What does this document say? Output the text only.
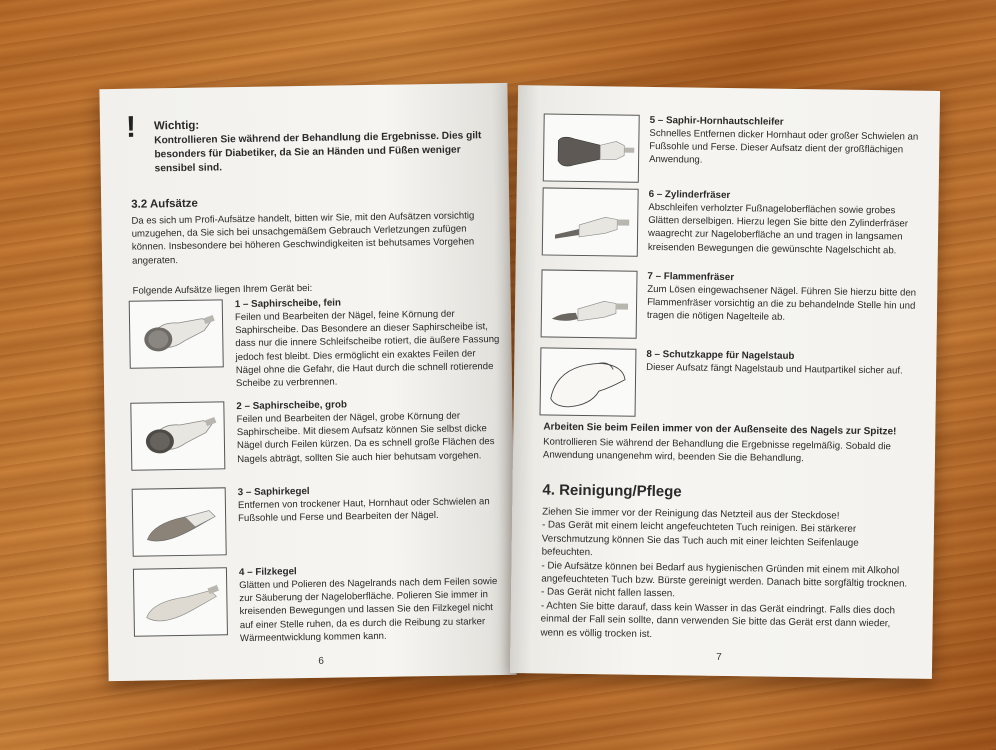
! Wichtig:
Kontrollieren Sie während der Behandlung die Ergebnisse. Dies gilt besonders für Diabetiker, da Sie an Händen und Füßen weniger sensibel sind.
3.2 Aufsätze
Da es sich um Profi-Aufsätze handelt, bitten wir Sie, mit den Aufsätzen vorsichtig umzugehen, da Sie sich bei unsachgemäßem Gebrauch Verletzungen zufügen können. Insbesondere bei höheren Geschwindigkeiten ist behutsames Vorgehen angeraten.
Folgende Aufsätze liegen Ihrem Gerät bei:
1 – Saphirscheibe, fein
Feilen und Bearbeiten der Nägel, feine Körnung der Saphirscheibe. Das Besondere an dieser Saphirscheibe ist, dass nur die innere Schleifscheibe rotiert, die äußere Fassung jedoch fest bleibt. Dies ermöglicht ein exaktes Feilen der Nägel ohne die Gefahr, die Haut durch die schnell rotierende Scheibe zu verbrennen.
2 – Saphirscheibe, grob
Feilen und Bearbeiten der Nägel, grobe Körnung der Saphirscheibe. Mit diesem Aufsatz können Sie selbst dicke Nägel durch Feilen kürzen. Da es schnell große Flächen des Nagels abträgt, sollten Sie auch hier behutsam vorgehen.
3 – Saphirkegel
Entfernen von trockener Haut, Hornhaut oder Schwielen an Fußsohle und Ferse und Bearbeiten der Nägel.
4 – Filzkegel
Glätten und Polieren des Nagelrands nach dem Feilen sowie zur Säuberung der Nageloberfläche. Polieren Sie immer in kreisenden Bewegungen und lassen Sie den Filzkegel nicht auf einer Stelle ruhen, da es durch die Reibung zu starker Wärmeentwicklung kommen kann.
6
5 – Saphir-Hornhautschleifer
Schnelles Entfernen dicker Hornhaut oder großer Schwielen an Fußsohle und Ferse. Dieser Aufsatz dient der großflächigen Anwendung.
6 – Zylinderfräser
Abschleifen verholzter Fußnageloberflächen sowie grobes Glätten derselbigen. Hierzu legen Sie bitte den Zylinderfräser waagrecht zur Nageloberfläche an und tragen in langsamen kreisenden Bewegungen die gewünschte Nagelschicht ab.
7 – Flammenfräser
Zum Lösen eingewachsener Nägel. Führen Sie hierzu bitte den Flammenfräser vorsichtig an die zu behandelnde Stelle hin und tragen die nötigen Nagelteile ab.
8 – Schutzkappe für Nagelstaub
Dieser Aufsatz fängt Nagelstaub und Hautpartikel sicher auf.
Arbeiten Sie beim Feilen immer von der Außenseite des Nagels zur Spitze!
Kontrollieren Sie während der Behandlung die Ergebnisse regelmäßig. Sobald die Anwendung unangenehm wird, beenden Sie die Behandlung.
4. Reinigung/Pflege
Ziehen Sie immer vor der Reinigung das Netzteil aus der Steckdose!
- Das Gerät mit einem leicht angefeuchteten Tuch reinigen. Bei stärkerer Verschmutzung können Sie das Tuch auch mit einer leichten Seifenlauge befeuchten.
- Die Aufsätze können bei Bedarf aus hygienischen Gründen mit einem mit Alkohol angefeuchteten Tuch bzw. Bürste gereinigt werden. Danach bitte sorgfältig trocknen.
- Das Gerät nicht fallen lassen.
- Achten Sie bitte darauf, dass kein Wasser in das Gerät eindringt. Falls dies doch einmal der Fall sein sollte, dann verwenden Sie bitte das Gerät erst dann wieder, wenn es völlig trocken ist.
7
